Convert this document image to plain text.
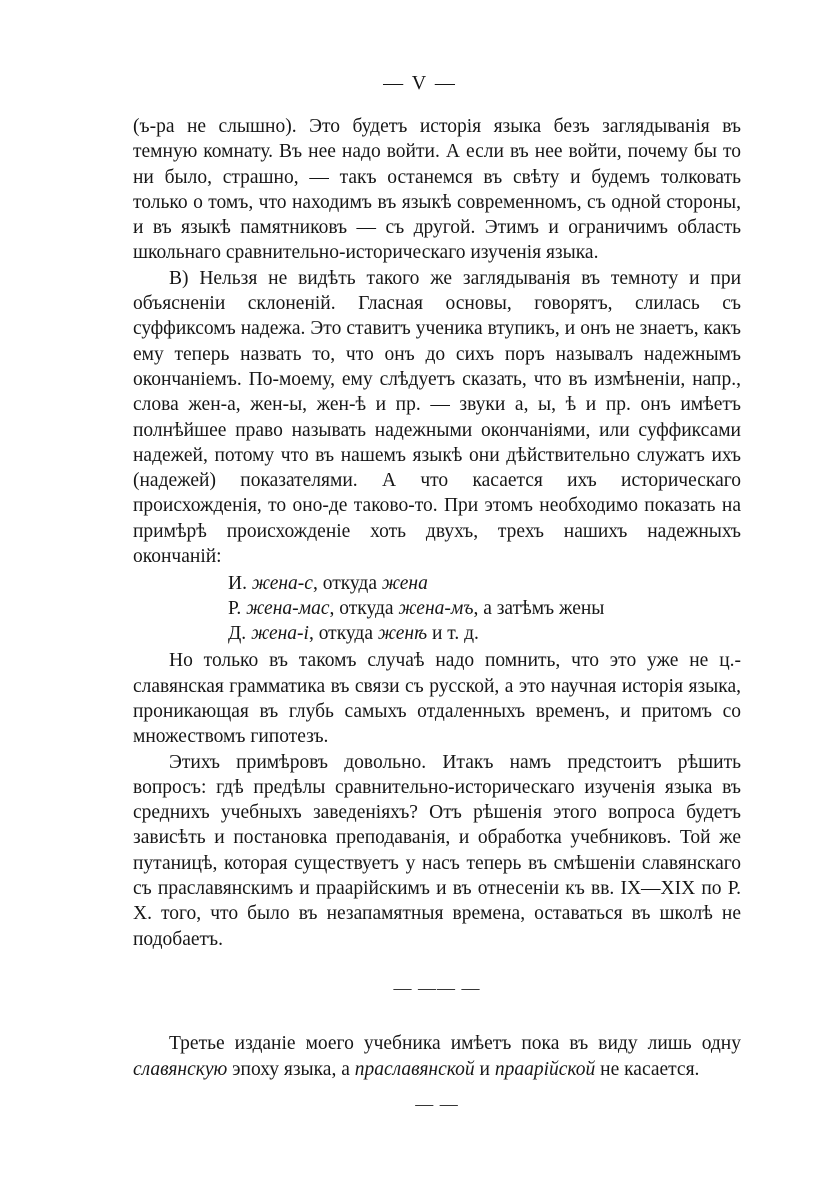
— V —

(ъ-ра не слышно). Это будетъ исторія языка безъ заглядыванія въ темную комнату. Въ нее надо войти. А если въ нее войти, почему бы то ни было, страшно, — такъ останемся въ свѣту и будемъ толковать только о томъ, что находимъ въ языкѣ современномъ, съ одной стороны, и въ языкѣ памятниковъ — съ другой. Этимъ и ограничимъ область школьнаго сравнительно-историческаго изученія языка.

В) Нельзя не видѣть такого же заглядыванія въ темноту и при объясненіи склоненій. Гласная основы, говорятъ, слилась съ суффиксомъ надежа. Это ставитъ ученика втупикъ, и онъ не знаетъ, какъ ему теперь назвать то, что онъ до сихъ поръ называлъ надежнымъ окончаніемъ. По-моему, ему слѣдуетъ сказать, что въ измѣненіи, напр., слова жен-а, жен-ы, жен-ѣ и пр. — звуки а, ы, ѣ и пр. онъ имѣетъ полнѣйшее право называть надежными окончаніями, или суффиксами надежей, потому что въ нашемъ языкѣ они дѣйствительно служатъ ихъ (надежей) показателями. А что касается ихъ историческаго происхожденія, то оно-де таково-то. При этомъ необходимо показать на примѣрѣ происхожденіе хоть двухъ, трехъ нашихъ надежныхъ окончаній:

И. жена-с, откуда жена
Р. жена-мас, откуда жена-мъ, а затѣмъ жены
Д. жена-і, откуда женѣ и т. д.

Но только въ такомъ случаѣ надо помнить, что это уже не ц.-славянская грамматика въ связи съ русской, а это научная исторія языка, проникающая въ глубь самыхъ отдаленныхъ временъ, и притомъ со множествомъ гипотезъ.

Этихъ примѣровъ довольно. Итакъ намъ предстоитъ рѣшить вопросъ: гдѣ предѣлы сравнительно-историческаго изученія языка въ среднихъ учебныхъ заведеніяхъ? Отъ рѣшенія этого вопроса будетъ зависѣть и постановка преподаванія, и обработка учебниковъ. Той же путаницѣ, которая существуетъ у насъ теперь въ смѣшеніи славянскаго съ праславянскимъ и праарійскимъ и въ отнесеніи къ вв. IX—XIX по Р. Х. того, что было въ незапамятныя времена, оставаться въ школѣ не подобаетъ.

— —— —

Третье изданіе моего учебника имѣетъ пока въ виду лишь одну славянскую эпоху языка, а праславянской и праарійской не касается.

— —
